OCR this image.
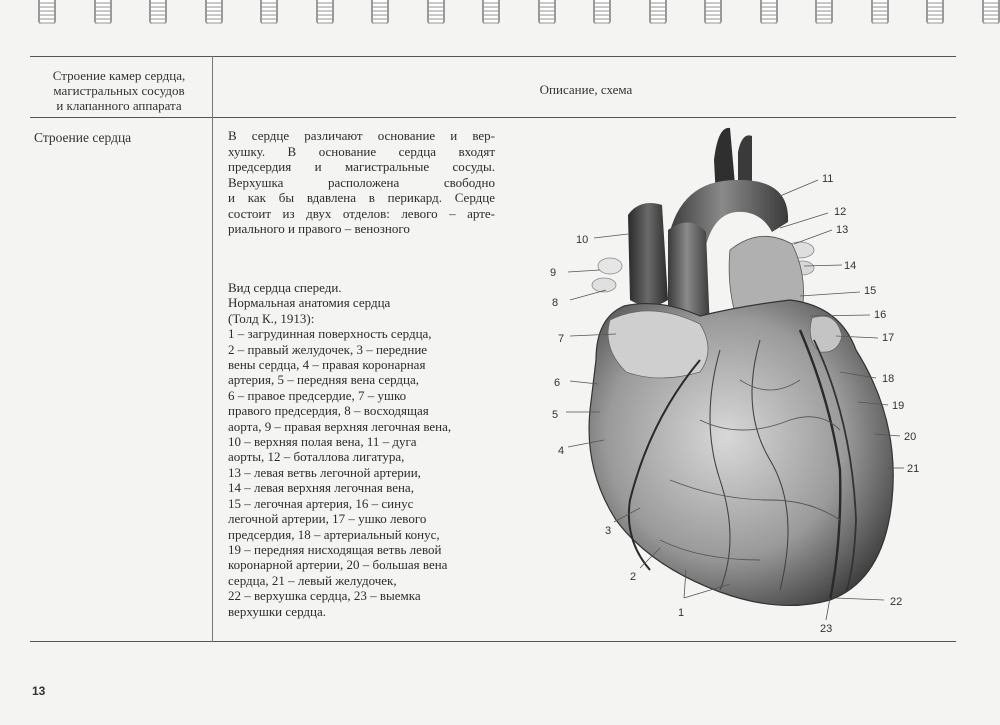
Строение камер сердца,
магистральных сосудов
и клапанного аппарата
Описание, схема
Строение сердца	В сердце различают основание и вер-
хушку. В основание сердца входят
предсердия и магистральные сосуды.
Верхушка расположена свободно
и как бы вдавлена в перикард. Сердце
состоит из двух отделов: левого – арте-
риального и правого – венозного
Вид сердца спереди.
Нормальная анатомия сердца
(Толд К., 1913):
1 – загрудинная поверхность сердца,
2 – правый желудочек, 3 – передние
вены сердца, 4 – правая коронарная
артерия, 5 – передняя вена сердца,
6 – правое предсердие, 7 – ушко
правого предсердия, 8 – восходящая
аорта, 9 – правая верхняя легочная вена,
10 – верхняя полая вена, 11 – дуга
аорты, 12 – боталлова лигатура,
13 – левая ветвь легочной артерии,
14 – левая верхняя легочная вена,
15 – легочная артерия, 16 – синус
легочной артерии, 17 – ушко левого
предсердия, 18 – артериальный конус,
19 – передняя нисходящая ветвь левой
коронарной артерии, 20 – большая вена
сердца, 21 – левый желудочек,
22 – верхушка сердца, 23 – выемка
верхушки сердца.	1
2
3
4
5
6
7
8
9
10
11
12
13
14
15
16
17
18
19
20
21
22
23
13
